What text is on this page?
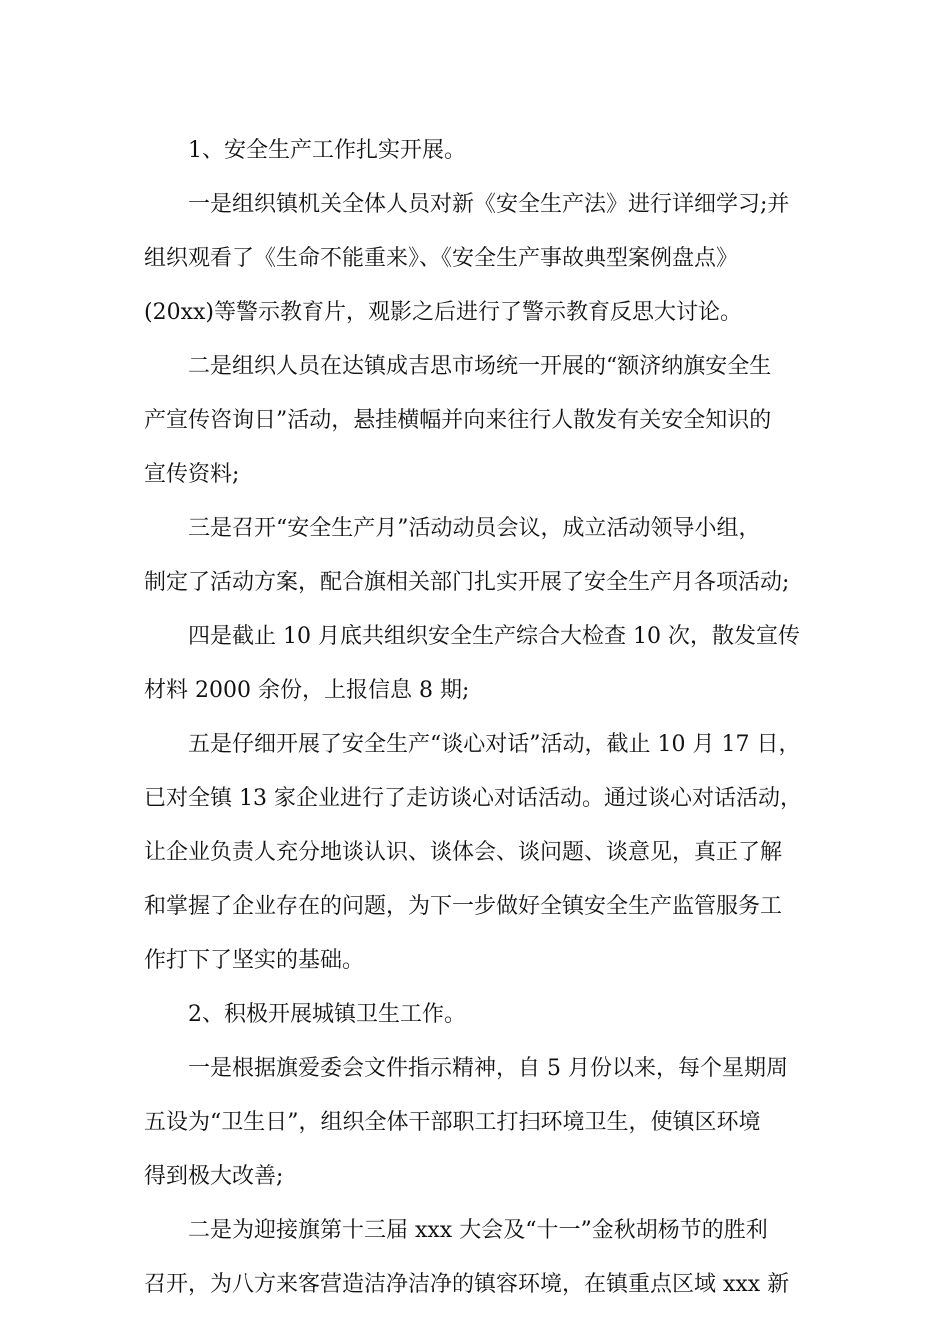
1、安全生产工作扎实开展。

一是组织镇机关全体人员对新《安全生产法》进行详细学习;并
组织观看了《生命不能重来》、《安全生产事故典型案例盘点》
(20xx)等警示教育片，观影之后进行了警示教育反思大讨论。

二是组织人员在达镇成吉思市场统一开展的“额济纳旗安全生
产宣传咨询日”活动，悬挂横幅并向来往行人散发有关安全知识的
宣传资料;

三是召开“安全生产月”活动动员会议，成立活动领导小组，
制定了活动方案，配合旗相关部门扎实开展了安全生产月各项活动;

四是截止 10 月底共组织安全生产综合大检查 10 次，散发宣传
材料 2000 余份，上报信息 8 期;

五是仔细开展了安全生产“谈心对话”活动，截止 10 月 17 日，
已对全镇 13 家企业进行了走访谈心对话活动。通过谈心对话活动，
让企业负责人充分地谈认识、谈体会、谈问题、谈意见，真正了解
和掌握了企业存在的问题，为下一步做好全镇安全生产监管服务工
作打下了坚实的基础。

2、积极开展城镇卫生工作。

一是根据旗爱委会文件指示精神，自 5 月份以来，每个星期周
五设为“卫生日”，组织全体干部职工打扫环境卫生，使镇区环境
得到极大改善;

二是为迎接旗第十三届 xxx 大会及“十一”金秋胡杨节的胜利
召开，为八方来客营造洁净洁净的镇容环境，在镇重点区域 xxx 新
